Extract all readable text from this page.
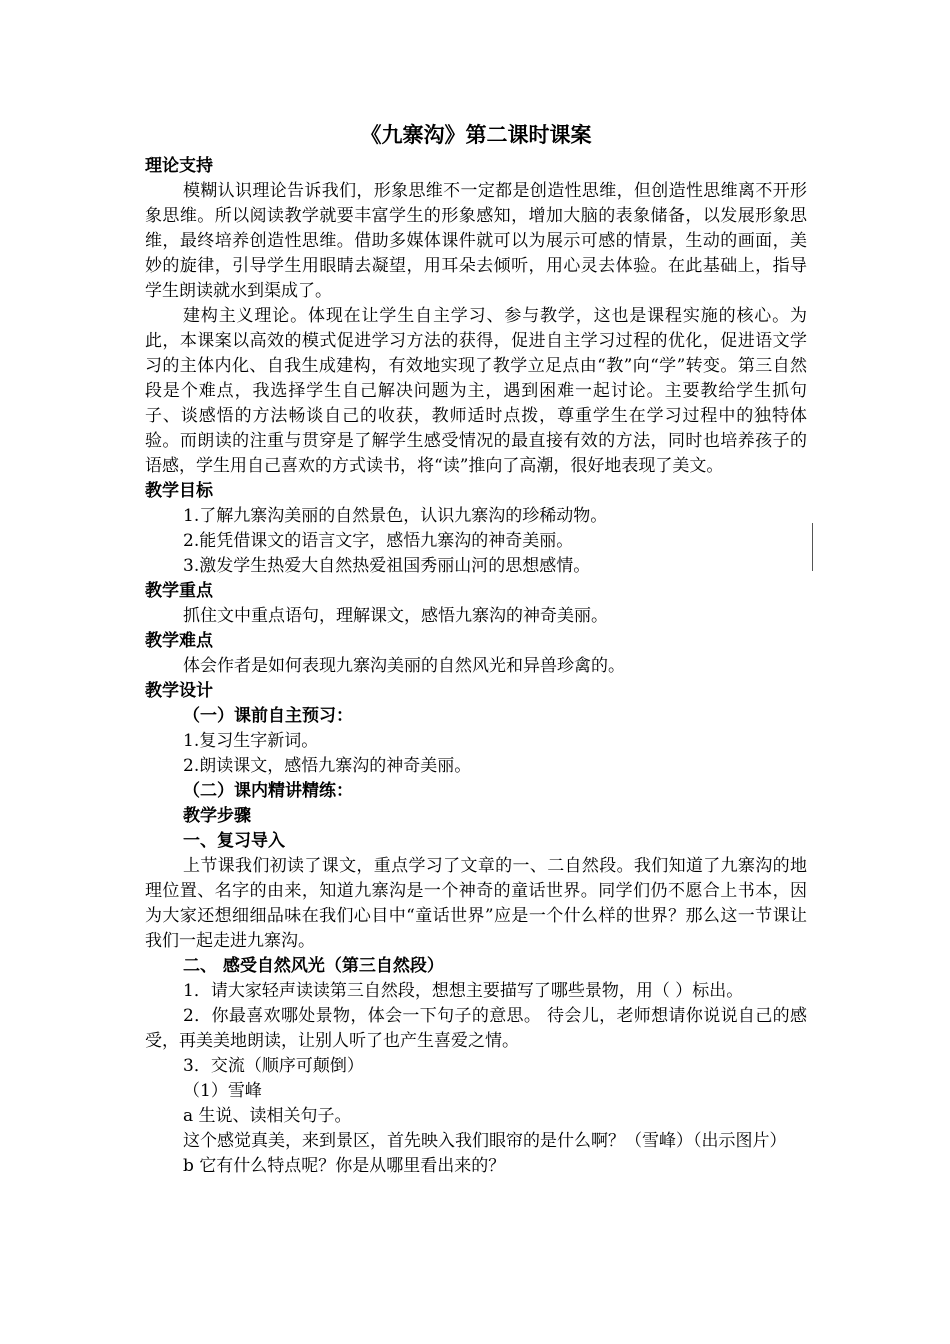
《九寨沟》第二课时课案

理论支持

模糊认识理论告诉我们，形象思维不一定都是创造性思维，但创造性思维离不开形象思维。所以阅读教学就要丰富学生的形象感知，增加大脑的表象储备，以发展形象思维，最终培养创造性思维。借助多媒体课件就可以为展示可感的情景，生动的画面，美妙的旋律，引导学生用眼睛去凝望，用耳朵去倾听，用心灵去体验。在此基础上，指导学生朗读就水到渠成了。

建构主义理论。体现在让学生自主学习、参与教学，这也是课程实施的核心。为此，本课案以高效的模式促进学习方法的获得，促进自主学习过程的优化，促进语文学习的主体内化、自我生成建构，有效地实现了教学立足点由“教”向“学”转变。第三自然段是个难点，我选择学生自己解决问题为主，遇到困难一起讨论。主要教给学生抓句子、谈感悟的方法畅谈自己的收获，教师适时点拨，尊重学生在学习过程中的独特体验。而朗读的注重与贯穿是了解学生感受情况的最直接有效的方法，同时也培养孩子的语感，学生用自己喜欢的方式读书，将“读”推向了高潮，很好地表现了美文。

教学目标

1.了解九寨沟美丽的自然景色，认识九寨沟的珍稀动物。

2.能凭借课文的语言文字，感悟九寨沟的神奇美丽。

3.激发学生热爱大自然热爱祖国秀丽山河的思想感情。

教学重点

抓住文中重点语句，理解课文，感悟九寨沟的神奇美丽。

教学难点

体会作者是如何表现九寨沟美丽的自然风光和异兽珍禽的。

教学设计

（一）课前自主预习：

1.复习生字新词。

2.朗读课文，感悟九寨沟的神奇美丽。

（二）课内精讲精练：

教学步骤

一、复习导入

上节课我们初读了课文，重点学习了文章的一、二自然段。我们知道了九寨沟的地理位置、名字的由来，知道九寨沟是一个神奇的童话世界。同学们仍不愿合上书本，因为大家还想细细品味在我们心目中“童话世界”应是一个什么样的世界？那么这一节课让我们一起走进九寨沟。

二、 感受自然风光（第三自然段）

1．请大家轻声读读第三自然段，想想主要描写了哪些景物，用（ ）标出。

2．你最喜欢哪处景物，体会一下句子的意思。 待会儿，老师想请你说说自己的感受，再美美地朗读，让别人听了也产生喜爱之情。

3．交流（顺序可颠倒）

（1）雪峰

a 生说、读相关句子。

这个感觉真美，来到景区，首先映入我们眼帘的是什么啊？（雪峰）（出示图片）

b 它有什么特点呢？你是从哪里看出来的？
